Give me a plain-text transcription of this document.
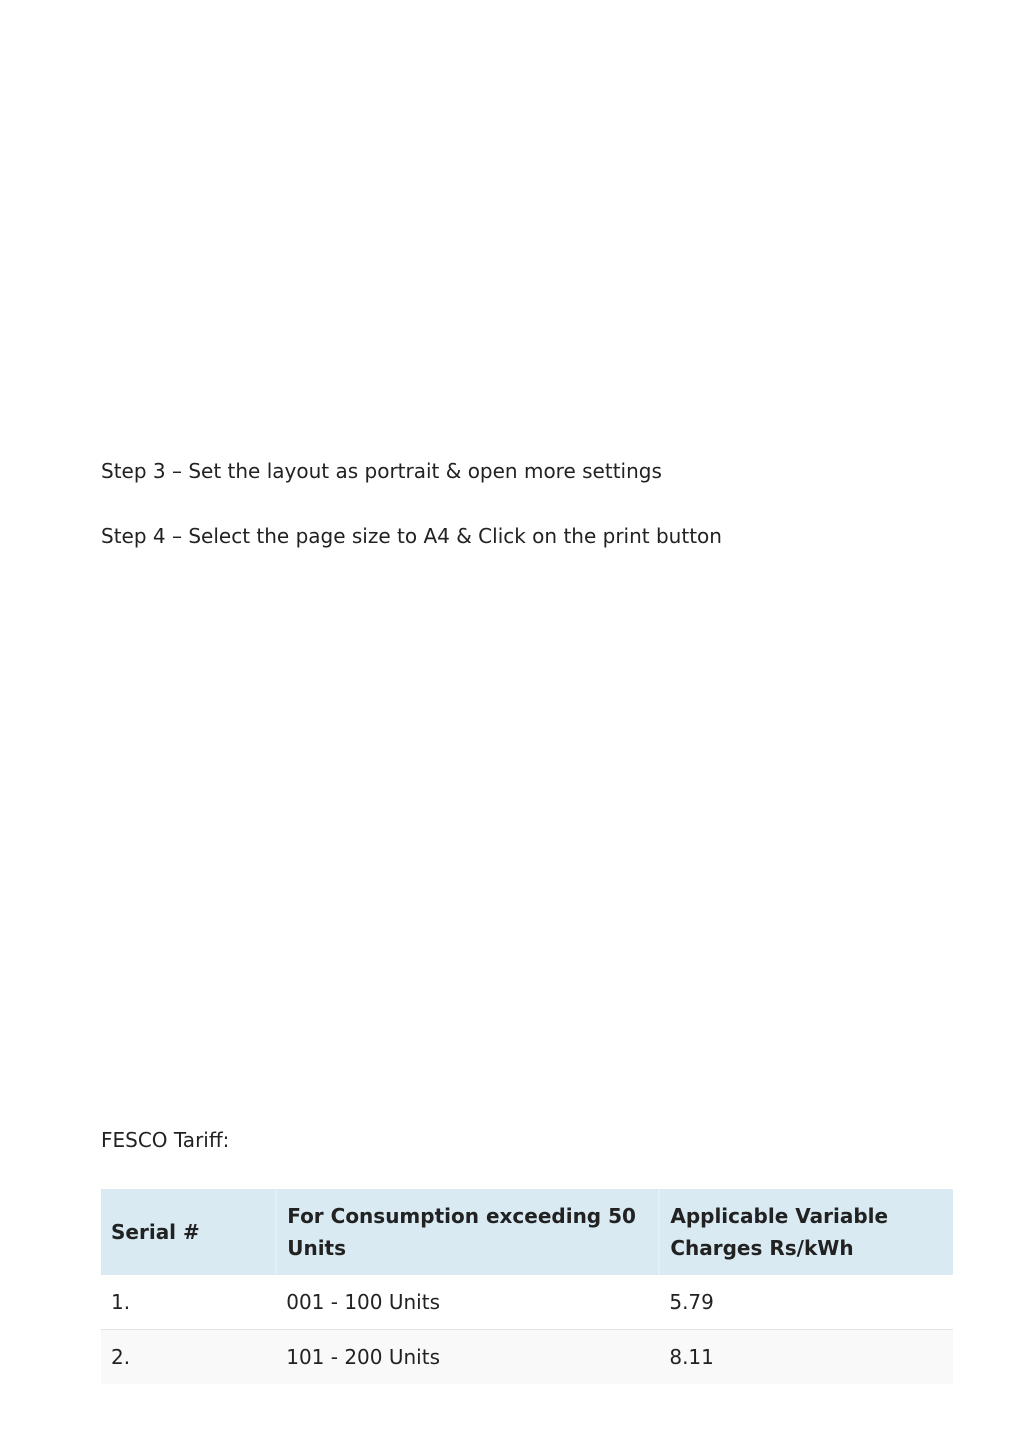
Step 3 – Set the layout as portrait & open more settings

Step 4 – Select the page size to A4 & Click on the print button

FESCO Tariff:

Serial #	For Consumption exceeding 50 Units	Applicable Variable Charges Rs/kWh
1.	001 - 100 Units	5.79
2.	101 - 200 Units	8.11
